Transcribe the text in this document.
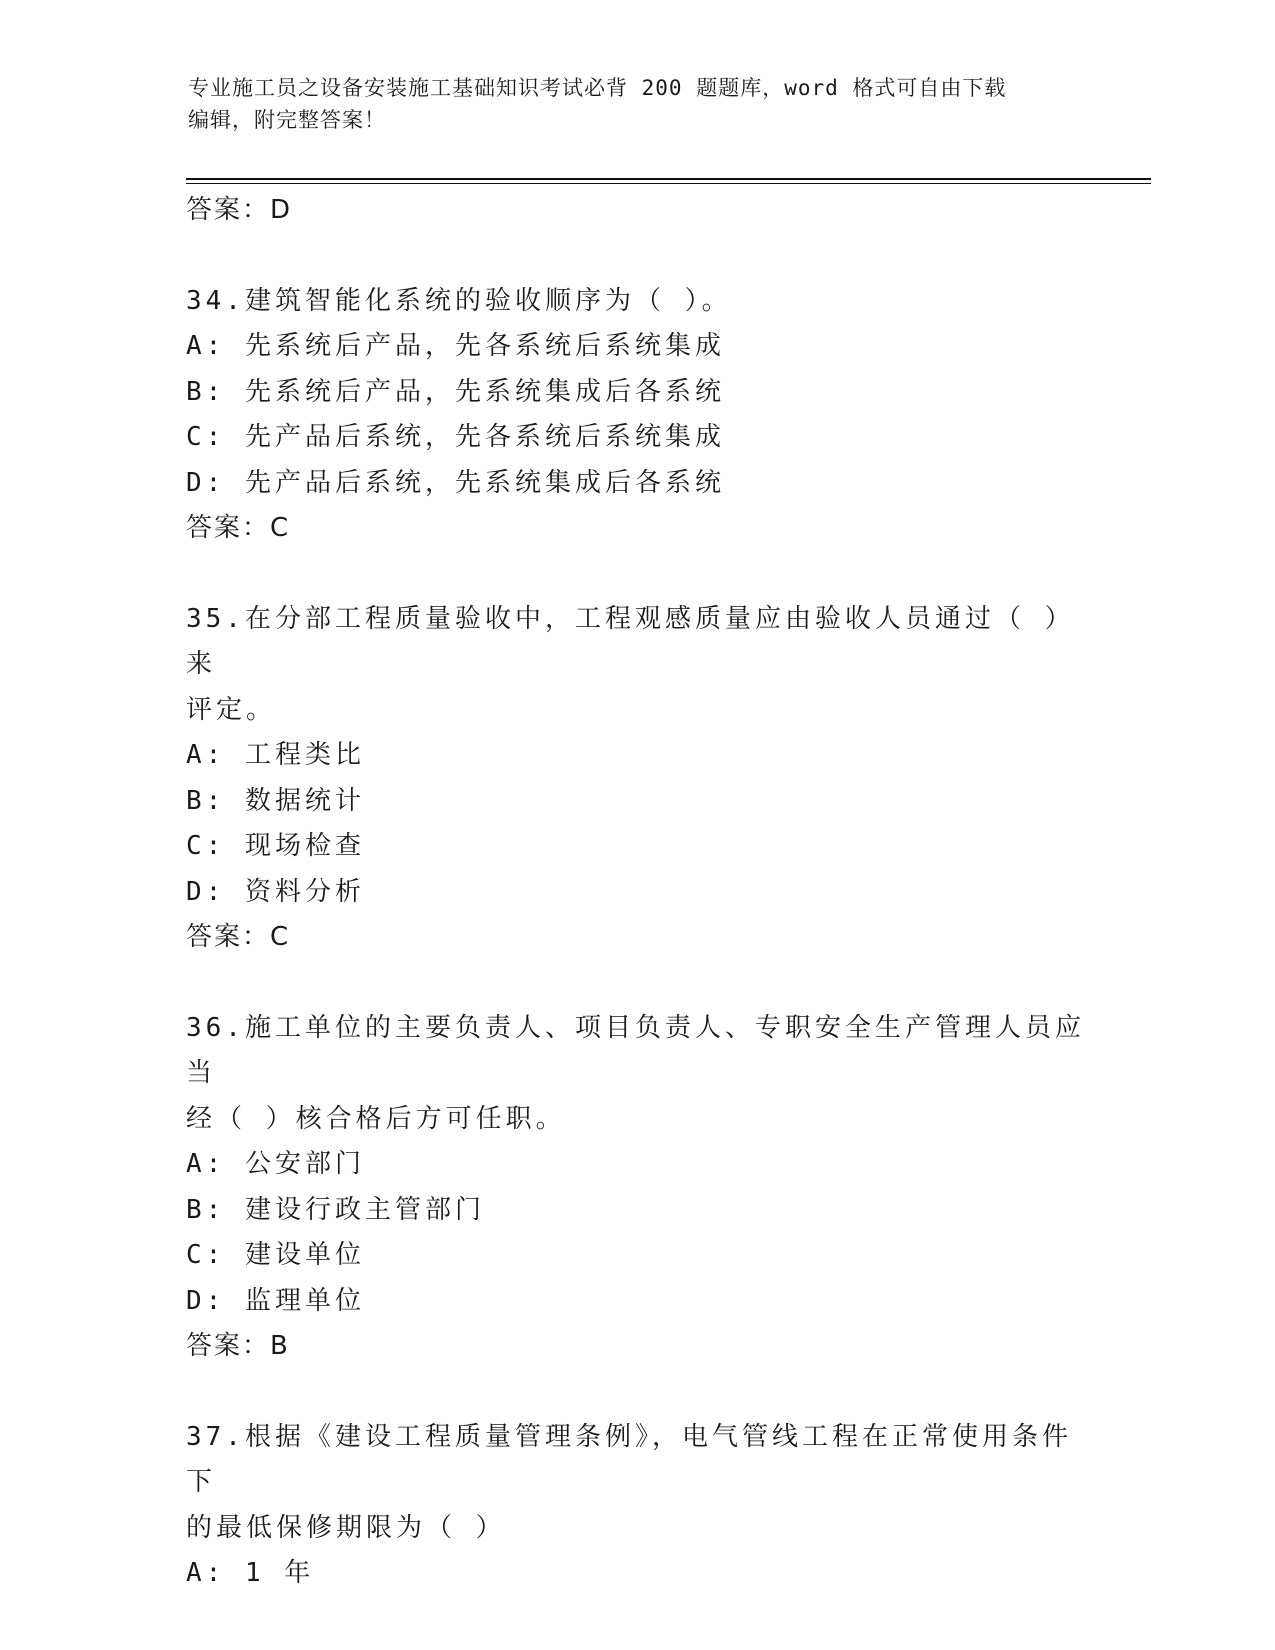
专业施工员之设备安装施工基础知识考试必背 200 题题库，word 格式可自由下载
编辑，附完整答案！
答案：D
34.建筑智能化系统的验收顺序为（ ）。
A: 先系统后产品，先各系统后系统集成
B: 先系统后产品，先系统集成后各系统
C: 先产品后系统，先各系统后系统集成
D: 先产品后系统，先系统集成后各系统
答案：C
35.在分部工程质量验收中，工程观感质量应由验收人员通过（ ）来
评定。
A: 工程类比
B: 数据统计
C: 现场检查
D: 资料分析
答案：C
36.施工单位的主要负责人、项目负责人、专职安全生产管理人员应当
经（ ）核合格后方可任职。
A: 公安部门
B: 建设行政主管部门
C: 建设单位
D: 监理单位
答案：B
37.根据《建设工程质量管理条例》，电气管线工程在正常使用条件下
的最低保修期限为（ ）
A: 1 年
